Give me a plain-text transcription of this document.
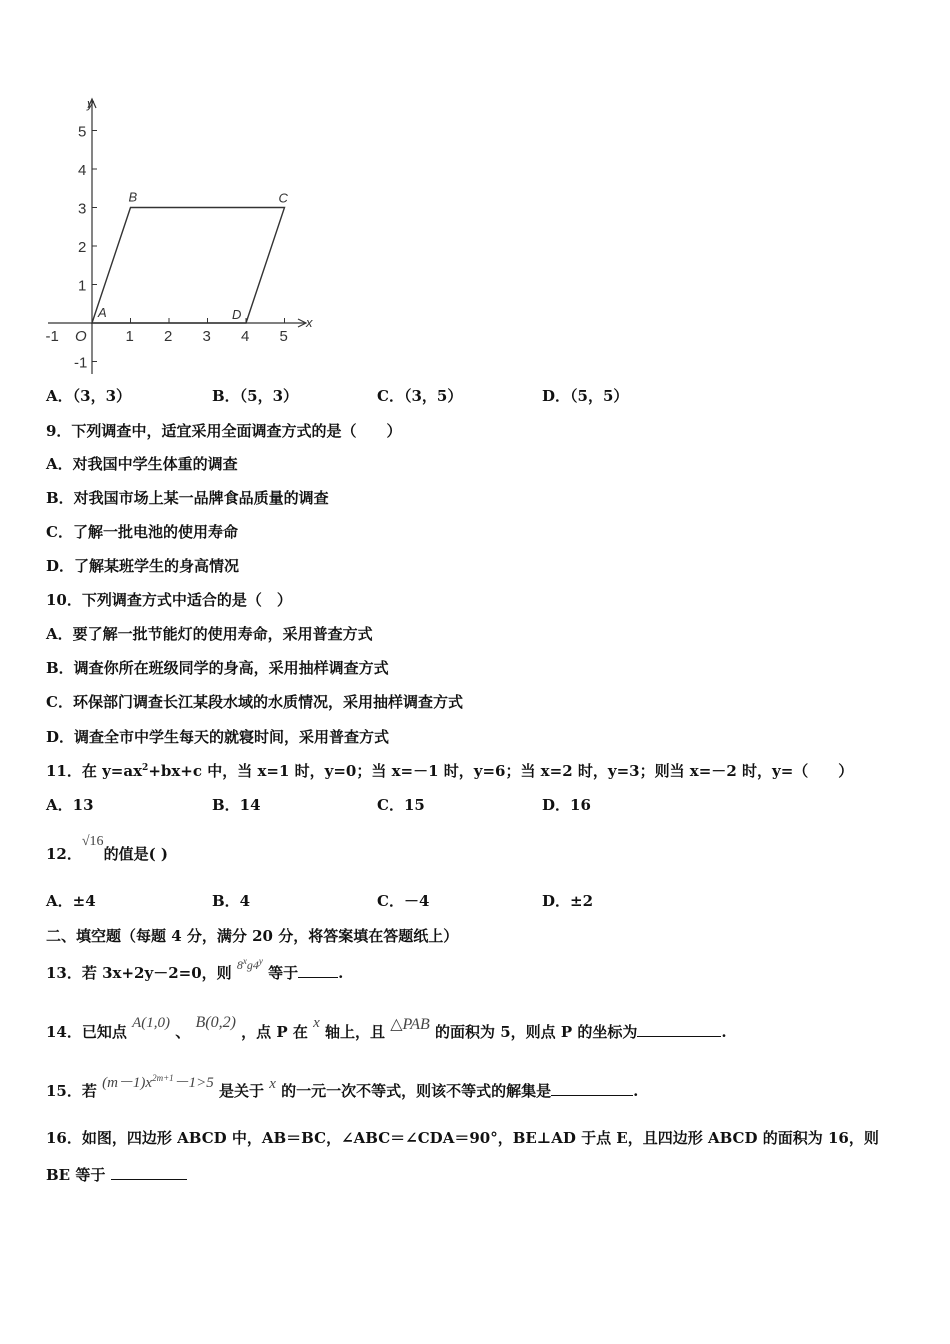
x
y
-1 O	1 2 3 4 5
5
4
3
2
1
-1
A
B	C
D
A．（3，3）	B．（5，3）	C．（3，5）	D．（5，5）
9．下列调查中，适宜采用全面调查方式的是（　　）
A．对我国中学生体重的调查
B．对我国市场上某一品牌食品质量的调查
C．了解一批电池的使用寿命
D．了解某班学生的身高情况
10．下列调查方式中适合的是（　）
A．要了解一批节能灯的使用寿命，采用普查方式
B．调查你所在班级同学的身高，采用抽样调查方式
C．环保部门调查长江某段水域的水质情况，采用抽样调查方式
D．调查全市中学生每天的就寝时间，采用普查方式
11．在 $y=ax^2+bx+c$ 中，当 x=1 时，y=0；当 x=－1 时，y=6；当 x=2 时，y=3；则当 x=－2 时，y=（　　）
A．13	B．14	C．15	D．16
12．√16的值是( )
A．±4	B．4	C．－4	D．±2
二、填空题（每题 4 分，满分 20 分，将答案填在答题纸上）
13．若 3x+2y－2=0，则 $^{8^xg4^y}$ 等于	.
14．已知点 A(1,0) 、 B(0,2) ，点 P 在 x 轴上，且 △PAB 的面积为 5，则点 P 的坐标为	.
15．若 $(m-1)x^{2m+1}-1>5$ 是关于 x 的一元一次不等式，则该不等式的解集是	.
16．如图，四边形 ABCD 中，AB＝BC，∠ABC＝∠CDA＝90°，BE⊥AD 于点 E，且四边形 ABCD 的面积为 16，则
BE 等于
